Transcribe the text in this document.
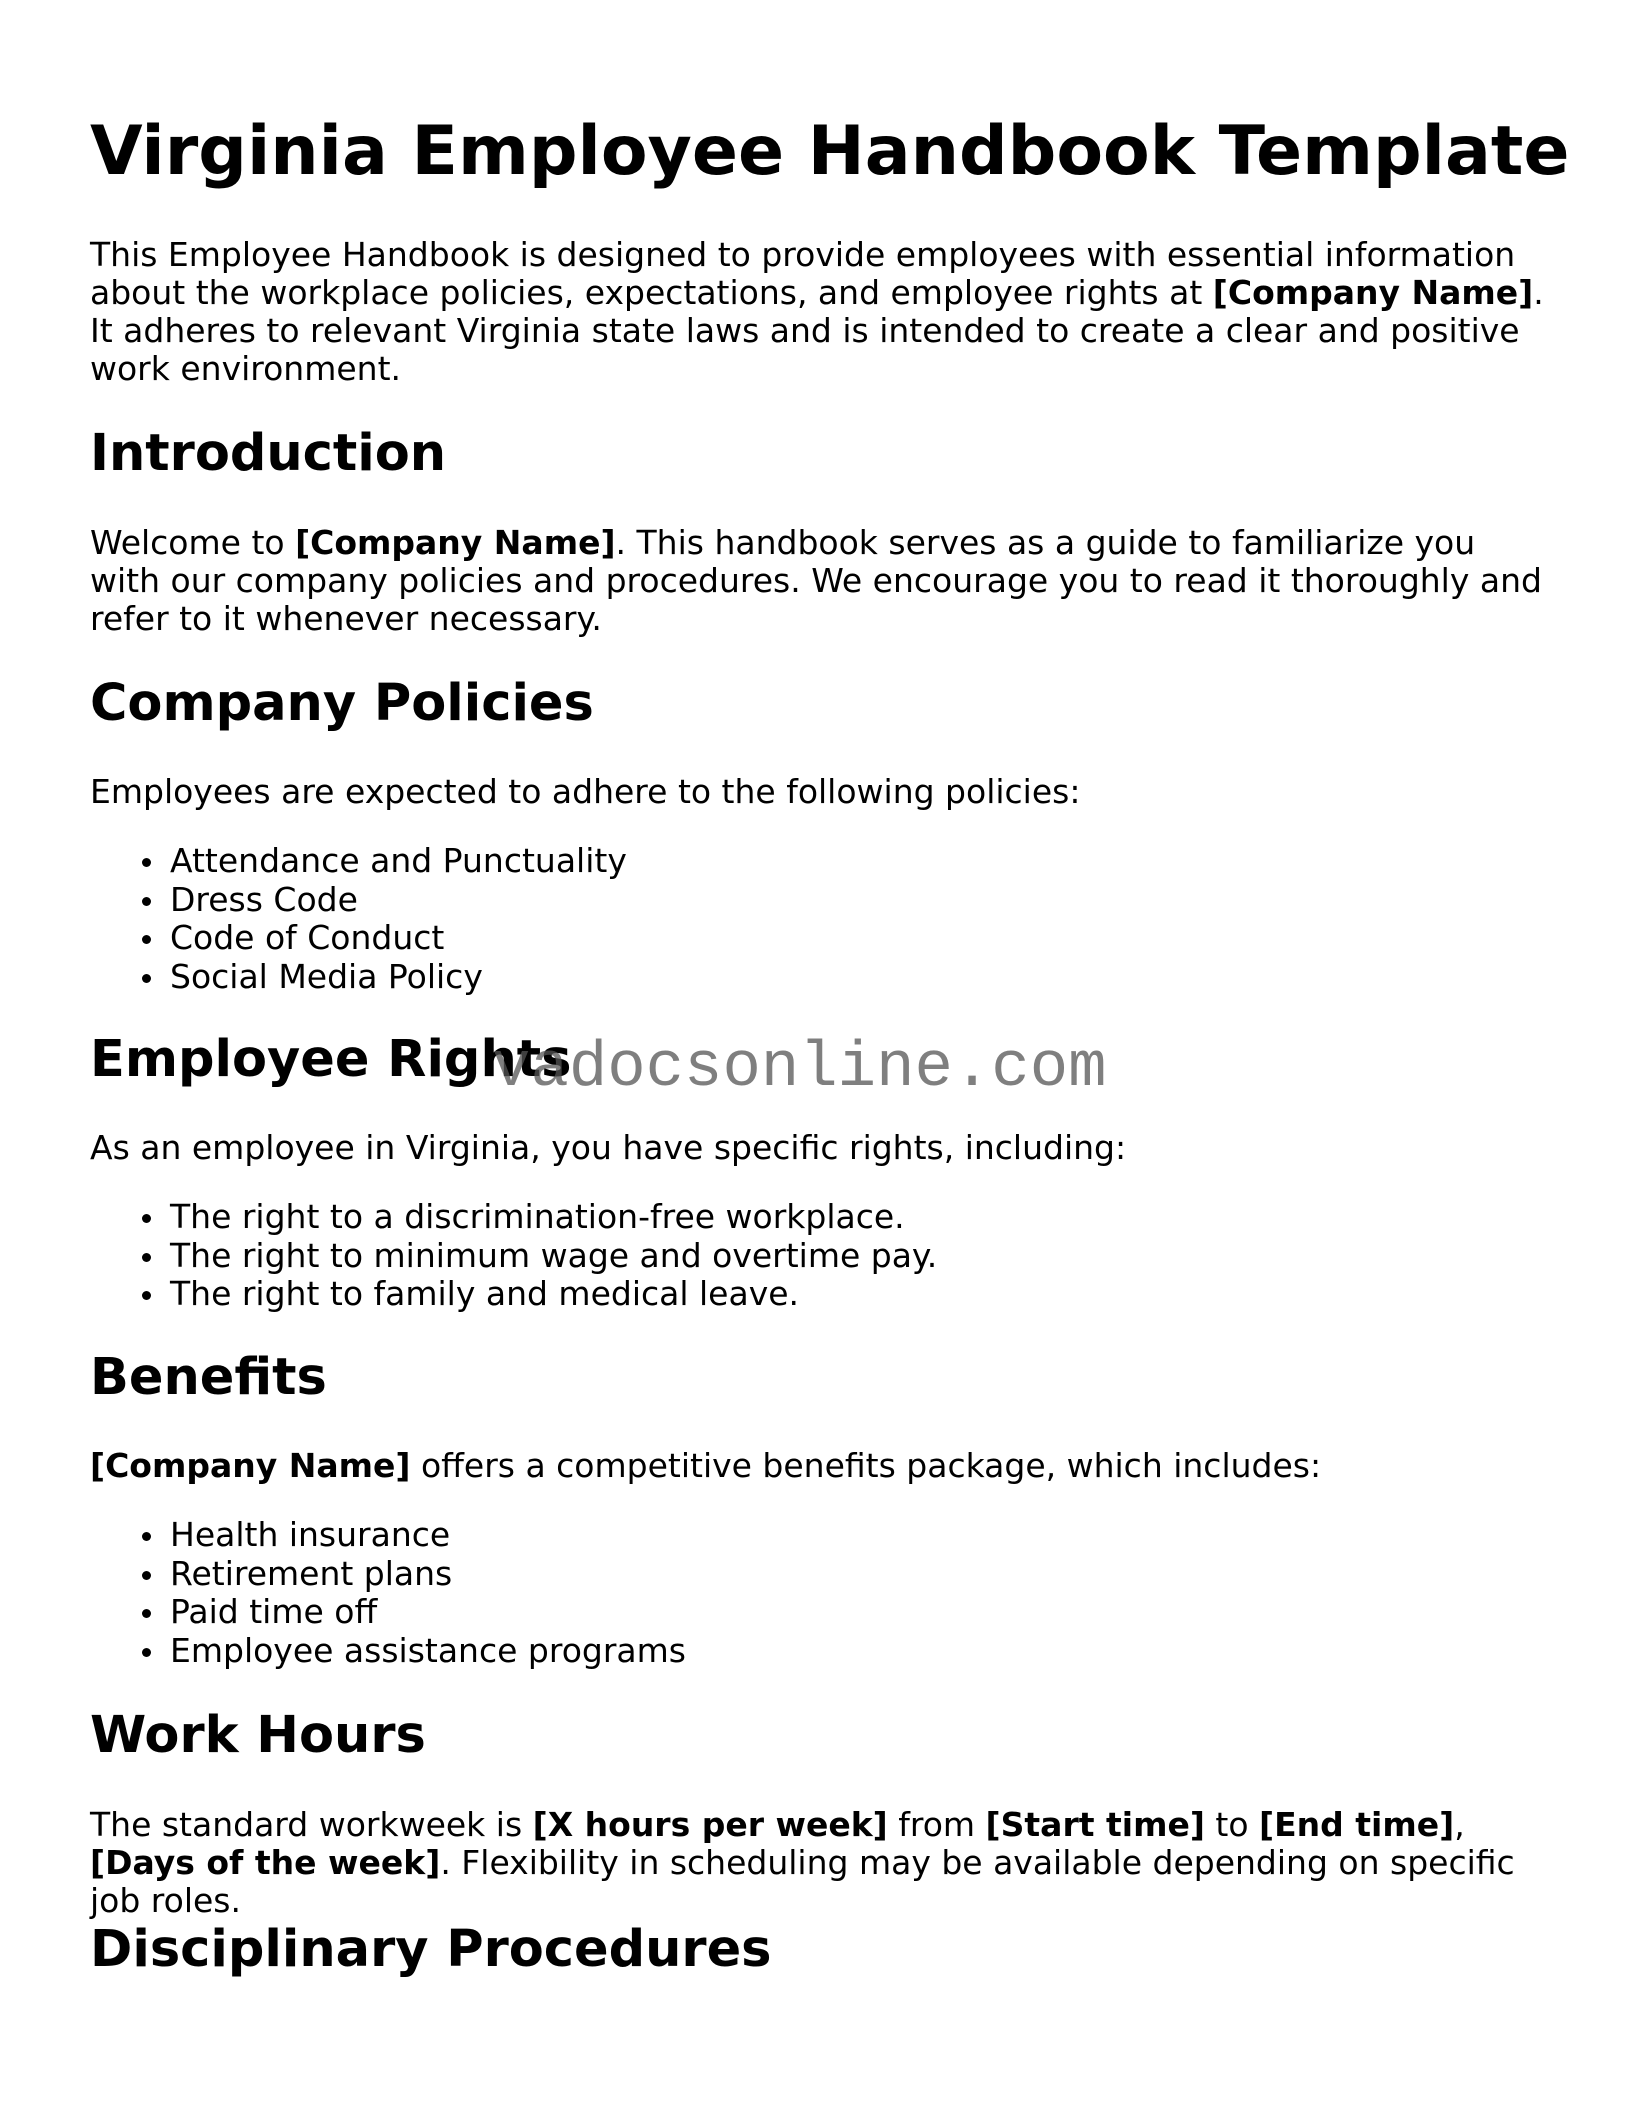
Virginia Employee Handbook Template

This Employee Handbook is designed to provide employees with essential information about the workplace policies, expectations, and employee rights at [Company Name]. It adheres to relevant Virginia state laws and is intended to create a clear and positive work environment.

Introduction

Welcome to [Company Name]. This handbook serves as a guide to familiarize you with our company policies and procedures. We encourage you to read it thoroughly and refer to it whenever necessary.

Company Policies

Employees are expected to adhere to the following policies:

Attendance and Punctuality
Dress Code
Code of Conduct
Social Media Policy
Employee Rights

As an employee in Virginia, you have specific rights, including:

The right to a discrimination-free workplace.
The right to minimum wage and overtime pay.
The right to family and medical leave.
Benefits

[Company Name] offers a competitive benefits package, which includes:

Health insurance
Retirement plans
Paid time off
Employee assistance programs
Work Hours

The standard workweek is [X hours per week] from [Start time] to [End time], [Days of the week]. Flexibility in scheduling may be available depending on specific job roles.

Disciplinary Procedures
vadocsonline.com
